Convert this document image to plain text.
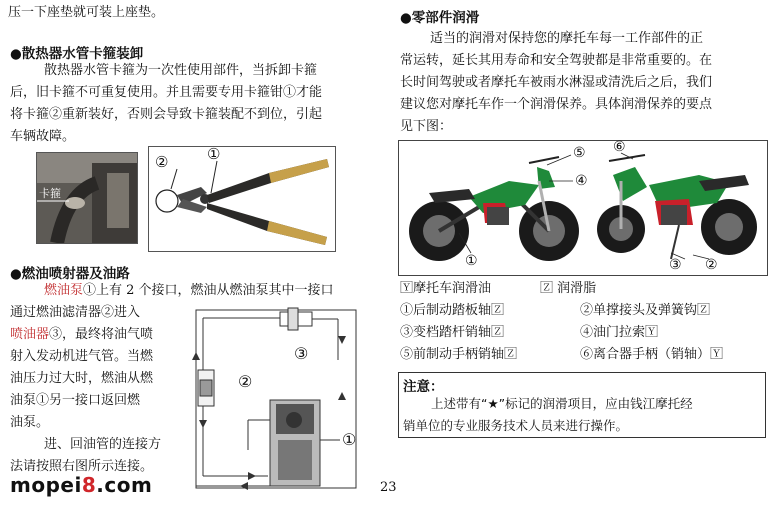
压一下座垫就可装上座垫。
●散热器水管卡箍装卸
散热器水管卡箍为一次性使用部件，当拆卸卡箍
后，旧卡箍不可重复使用。并且需要专用卡箍钳①才能
将卡箍②重新装好，否则会导致卡箍装配不到位，引起
车辆故障。
卡箍
②	①
●燃油喷射器及油路
燃油泵①上有 2 个接口，燃油从燃油泵其中一接口
通过燃油滤清器②进入
喷油器③，最终将油气喷
射入发动机进气管。当燃
油压力过大时，燃油从燃
油泵①另一接口返回燃
油泵。
进、回油管的连接方
法请按照右图所示连接。
③
②
①
mopei8.com	23
●零部件润滑
适当的润滑对保持您的摩托车每一工作部件的正
常运转，延长其用寿命和安全驾驶都是非常重要的。在
长时间驾驶或者摩托车被雨水淋湿或清洗后之后，我们
建议您对摩托车作一个润滑保养。具体润滑保养的要点
见下图：
⑤ ⑥
④
①	③ ②
🅈摩托车润滑油	🅉 润滑脂
①后制动踏板轴🅉	②单撑接头及弹簧钩🅉
③变档踏杆销轴🅉	④油门拉索🅈
⑤前制动手柄销轴🅉	⑥离合器手柄（销轴）🅈
注意：
上述带有“★”标记的润滑项目，应由钱江摩托经
销单位的专业服务技术人员来进行操作。
